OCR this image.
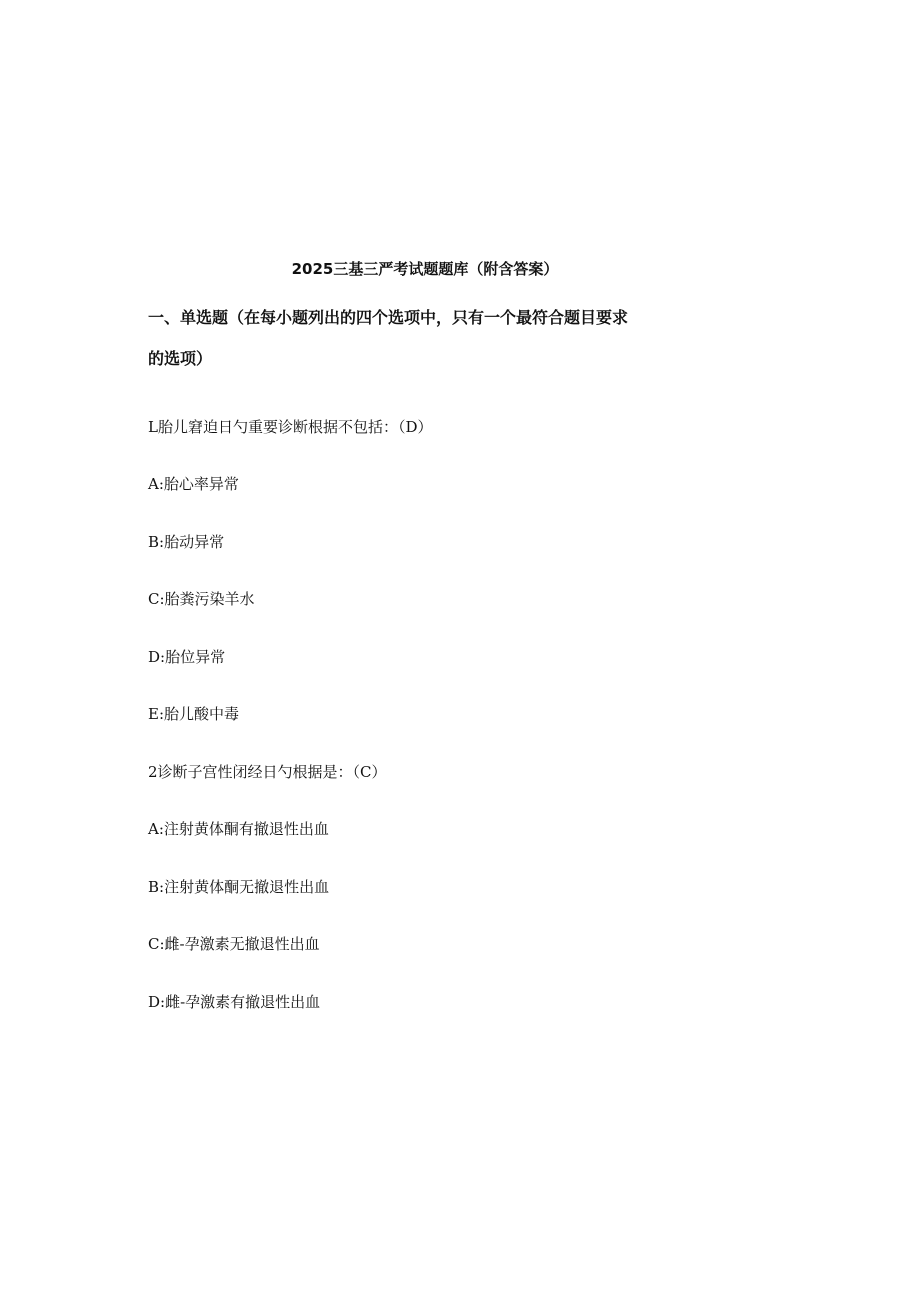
2025三基三严考试题题库（附含答案）
一、单选题（在每小题列出的四个选项中，只有一个最符合题目要求
的选项）
L胎儿窘迫日勺重要诊断根据不包括：（D）
A:胎心率异常
B:胎动异常
C:胎粪污染羊水
D:胎位异常
E:胎儿酸中毒
2诊断子宫性闭经日勺根据是：（C）
A:注射黄体酮有撤退性出血
B:注射黄体酮无撤退性出血
C:雌-孕激素无撤退性出血
D:雌-孕激素有撤退性出血
